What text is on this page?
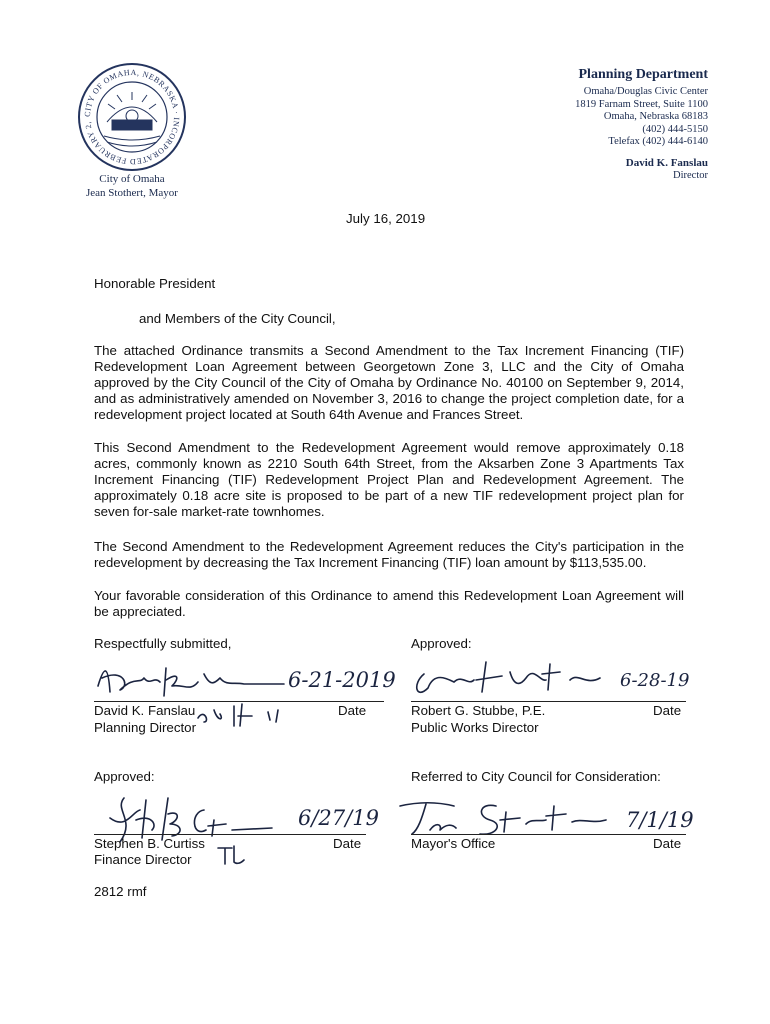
CITY OF OMAHA, NEBRASKA · INCORPORATED FEBRUARY 2,
City of Omaha
Jean Stothert, Mayor
Planning Department
Omaha/Douglas Civic Center
1819 Farnam Street, Suite 1100
Omaha, Nebraska 68183
(402) 444-5150
Telefax (402) 444-6140
David K. Fanslau
Director
July 16, 2019
Honorable President
and Members of the City Council,

The attached Ordinance transmits a Second Amendment to the Tax Increment Financing (TIF) Redevelopment Loan Agreement between Georgetown Zone 3, LLC and the City of Omaha approved by the City Council of the City of Omaha by Ordinance No. 40100 on September 9, 2014, and as administratively amended on November 3, 2016 to change the project completion date, for a redevelopment project located at South 64th Avenue and Frances Street.

This Second Amendment to the Redevelopment Agreement would remove approximately 0.18 acres, commonly known as 2210 South 64th Street, from the Aksarben Zone 3 Apartments Tax Increment Financing (TIF) Redevelopment Project Plan and Redevelopment Agreement. The approximately 0.18 acre site is proposed to be part of a new TIF redevelopment project plan for seven for-sale market-rate townhomes.

The Second Amendment to the Redevelopment Agreement reduces the City's participation in the redevelopment by decreasing the Tax Increment Financing (TIF) loan amount by $113,535.00.

Your favorable consideration of this Ordinance to amend this Redevelopment Loan Agreement will be appreciated.

Respectfully submitted,	Approved:
6-21-2019
David K. Fanslau
Planning Director
Date
6-28-19
Robert G. Stubbe, P.E.
Public Works Director
Date
Approved:	Referred to City Council for Consideration:
6/27/19
Stephen B. Curtiss
Finance Director
Date
7/1/19
Mayor's Office	Date
2812 rmf
